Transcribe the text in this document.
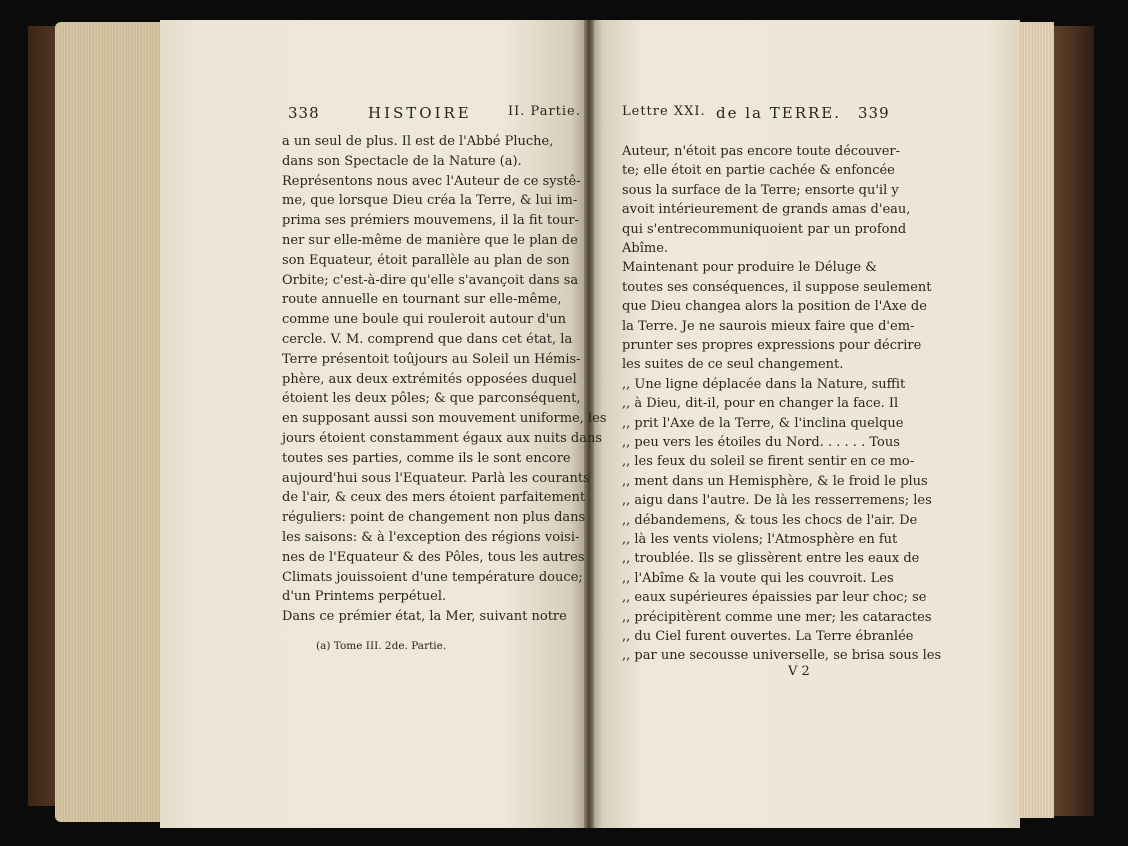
338	HISTOIRE	II. Partie.
a un seul de plus. Il est de l'Abbé Pluche,
dans son Spectacle de la Nature (a).
Représentons nous avec l'Auteur de ce systê-
me, que lorsque Dieu créa la Terre, & lui im-
prima ses prémiers mouvemens, il la fit tour-
ner sur elle-même de manière que le plan de
son Equateur, étoit parallèle au plan de son
Orbite; c'est-à-dire qu'elle s'avançoit dans sa
route annuelle en tournant sur elle-même,
comme une boule qui rouleroit autour d'un
cercle. V. M. comprend que dans cet état, la
Terre présentoit toûjours au Soleil un Hémis-
phère, aux deux extrémités opposées duquel
étoient les deux pôles; & que parconséquent,
en supposant aussi son mouvement uniforme, les
jours étoient constamment égaux aux nuits dans
toutes ses parties, comme ils le sont encore
aujourd'hui sous l'Equateur. Parlà les courants
de l'air, & ceux des mers étoient parfaitement
réguliers: point de changement non plus dans
les saisons: & à l'exception des régions voisi-
nes de l'Equateur & des Pôles, tous les autres
Climats jouissoient d'une température douce;
d'un Printems perpétuel.
Dans ce prémier état, la Mer, suivant notre
(a) Tome III. 2de. Partie.
Lettre XXI. de la TERRE. 339
Auteur, n'étoit pas encore toute découver-
te; elle étoit en partie cachée & enfoncée
sous la surface de la Terre; ensorte qu'il y
avoit intérieurement de grands amas d'eau,
qui s'entrecommuniquoient par un profond
Abîme.
Maintenant pour produire le Déluge &
toutes ses conséquences, il suppose seulement
que Dieu changea alors la position de l'Axe de
la Terre. Je ne saurois mieux faire que d'em-
prunter ses propres expressions pour décrire
les suites de ce seul changement.
,, Une ligne déplacée dans la Nature, suffit
,, à Dieu, dit-il, pour en changer la face. Il
,, prit l'Axe de la Terre, & l'inclina quelque
,, peu vers les étoiles du Nord. . . . . . Tous
,, les feux du soleil se firent sentir en ce mo-
,, ment dans un Hemisphère, & le froid le plus
,, aigu dans l'autre. De là les resserremens; les
,, débandemens, & tous les chocs de l'air. De
,, là les vents violens; l'Atmosphère en fut
,, troublée. Ils se glissèrent entre les eaux de
,, l'Abîme & la voute qui les couvroit. Les
,, eaux supérieures épaissies par leur choc; se
,, précipitèrent comme une mer; les cataractes
,, du Ciel furent ouvertes. La Terre ébranlée
,, par une secousse universelle, se brisa sous les
V 2
